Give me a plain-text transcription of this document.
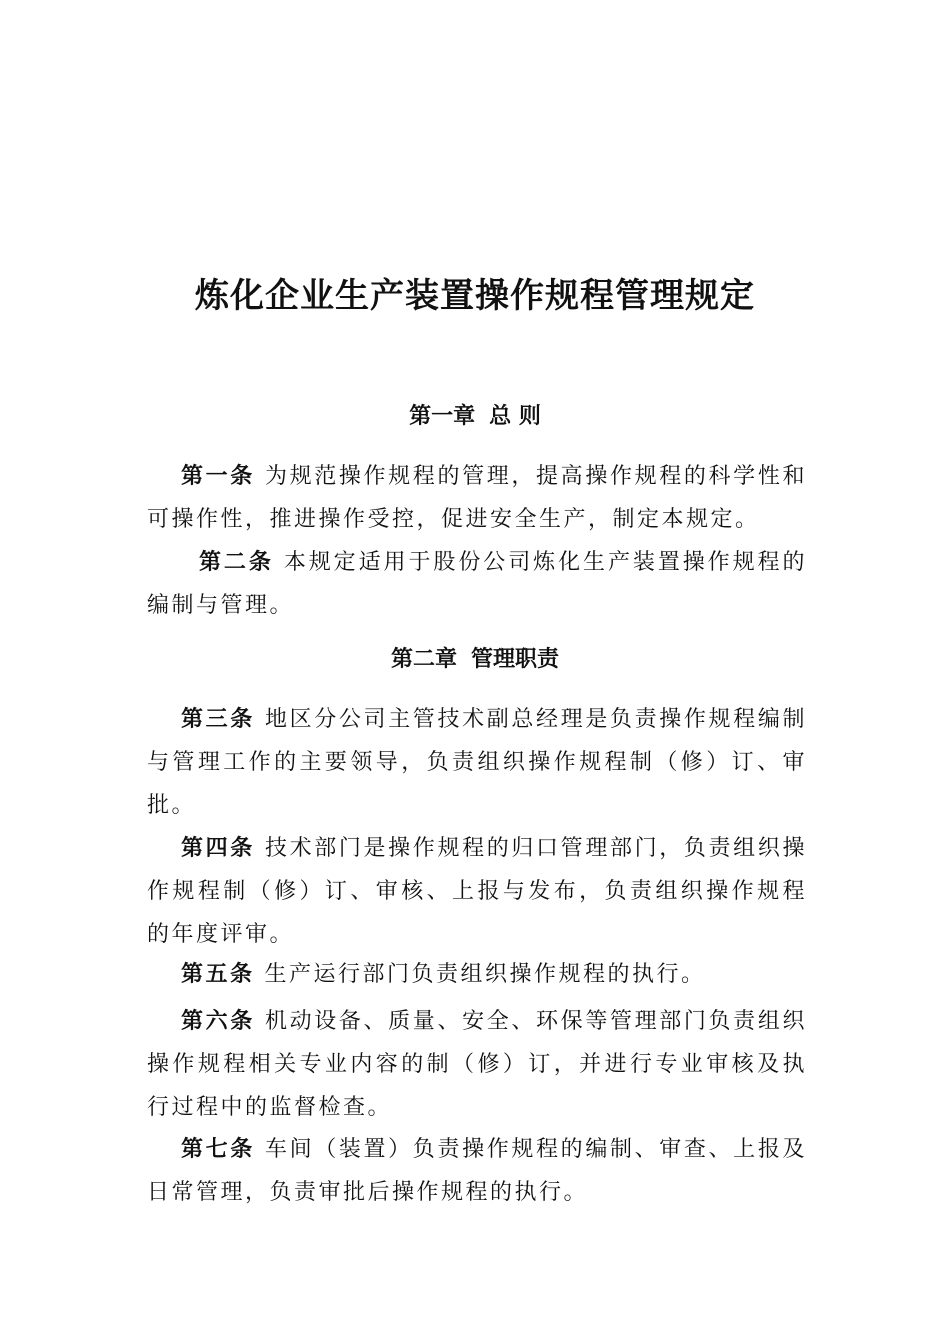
炼化企业生产装置操作规程管理规定
第一章 总 则

第一条 为规范操作规程的管理，提高操作规程的科学性和可操作性，推进操作受控，促进安全生产，制定本规定。

第二条 本规定适用于股份公司炼化生产装置操作规程的编制与管理。

第二章 管理职责

第三条 地区分公司主管技术副总经理是负责操作规程编制与管理工作的主要领导，负责组织操作规程制（修）订、审批。

第四条 技术部门是操作规程的归口管理部门，负责组织操作规程制（修）订、审核、上报与发布，负责组织操作规程的年度评审。

第五条 生产运行部门负责组织操作规程的执行。

第六条 机动设备、质量、安全、环保等管理部门负责组织操作规程相关专业内容的制（修）订，并进行专业审核及执行过程中的监督检查。

第七条 车间（装置）负责操作规程的编制、审查、上报及日常管理，负责审批后操作规程的执行。
